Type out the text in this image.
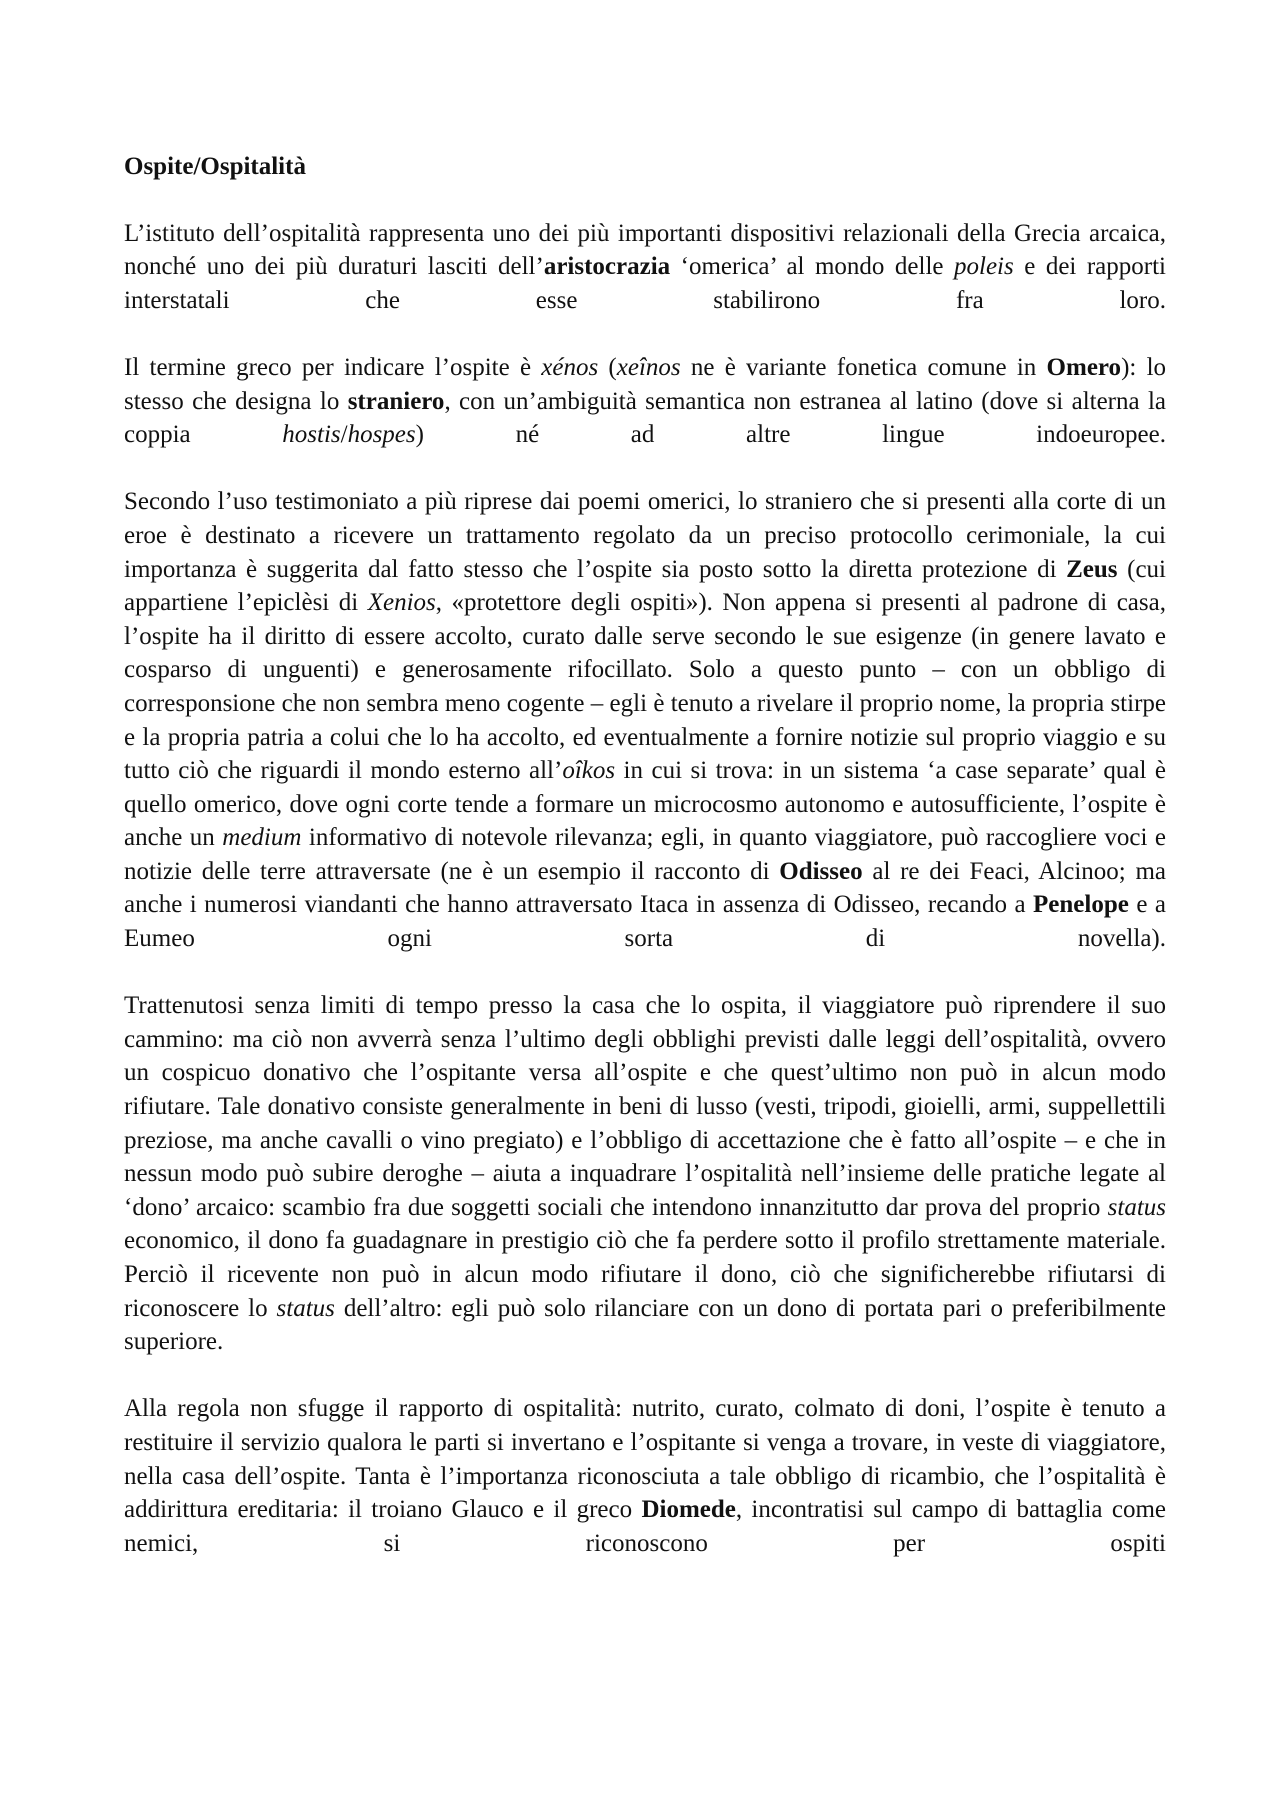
Ospite/Ospitalità

L’istituto dell’ospitalità rappresenta uno dei più importanti dispositivi relazionali della Grecia arcaica, nonché uno dei più duraturi lasciti dell’aristocrazia ‘omerica’ al mondo delle poleis e dei rapporti interstatali che esse stabilirono fra loro.

Il termine greco per indicare l’ospite è xénos (xeînos ne è variante fonetica comune in Omero): lo stesso che designa lo straniero, con un’ambiguità semantica non estranea al latino (dove si alterna la coppia hostis/hospes) né ad altre lingue indoeuropee.

Secondo l’uso testimoniato a più riprese dai poemi omerici, lo straniero che si presenti alla corte di un eroe è destinato a ricevere un trattamento regolato da un preciso protocollo cerimoniale, la cui importanza è suggerita dal fatto stesso che l’ospite sia posto sotto la diretta protezione di Zeus (cui appartiene l’epiclèsi di Xenios, «protettore degli ospiti»). Non appena si presenti al padrone di casa, l’ospite ha il diritto di essere accolto, curato dalle serve secondo le sue esigenze (in genere lavato e cosparso di unguenti) e generosamente rifocillato. Solo a questo punto – con un obbligo di corresponsione che non sembra meno cogente – egli è tenuto a rivelare il proprio nome, la propria stirpe e la propria patria a colui che lo ha accolto, ed eventualmente a fornire notizie sul proprio viaggio e su tutto ciò che riguardi il mondo esterno all’oîkos in cui si trova: in un sistema ‘a case separate’ qual è quello omerico, dove ogni corte tende a formare un microcosmo autonomo e autosufficiente, l’ospite è anche un medium informativo di notevole rilevanza; egli, in quanto viaggiatore, può raccogliere voci e notizie delle terre attraversate (ne è un esempio il racconto di Odisseo al re dei Feaci, Alcinoo; ma anche i numerosi viandanti che hanno attraversato Itaca in assenza di Odisseo, recando a Penelope e a Eumeo ogni sorta di novella).

Trattenutosi senza limiti di tempo presso la casa che lo ospita, il viaggiatore può riprendere il suo cammino: ma ciò non avverrà senza l’ultimo degli obblighi previsti dalle leggi dell’ospitalità, ovvero un cospicuo donativo che l’ospitante versa all’ospite e che quest’ultimo non può in alcun modo rifiutare. Tale donativo consiste generalmente in beni di lusso (vesti, tripodi, gioielli, armi, suppellettili preziose, ma anche cavalli o vino pregiato) e l’obbligo di accettazione che è fatto all’ospite – e che in nessun modo può subire deroghe – aiuta a inquadrare l’ospitalità nell’insieme delle pratiche legate al ‘dono’ arcaico: scambio fra due soggetti sociali che intendono innanzitutto dar prova del proprio status economico, il dono fa guadagnare in prestigio ciò che fa perdere sotto il profilo strettamente materiale. Perciò il ricevente non può in alcun modo rifiutare il dono, ciò che significherebbe rifiutarsi di riconoscere lo status dell’altro: egli può solo rilanciare con un dono di portata pari o preferibilmente superiore.

Alla regola non sfugge il rapporto di ospitalità: nutrito, curato, colmato di doni, l’ospite è tenuto a restituire il servizio qualora le parti si invertano e l’ospitante si venga a trovare, in veste di viaggiatore, nella casa dell’ospite. Tanta è l’importanza riconosciuta a tale obbligo di ricambio, che l’ospitalità è addirittura ereditaria: il troiano Glauco e il greco Diomede, incontratisi sul campo di battaglia come nemici, si riconoscono per ospiti
